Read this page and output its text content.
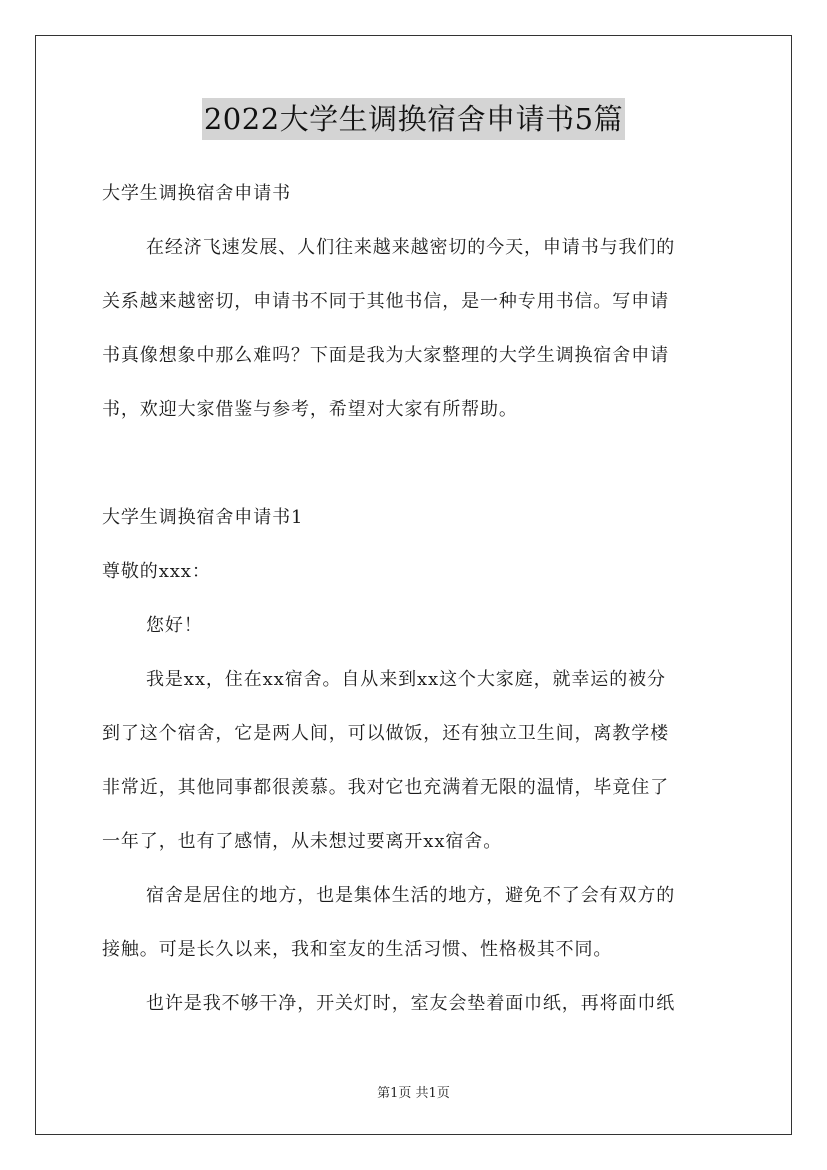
2022大学生调换宿舍申请书5篇
大学生调换宿舍申请书
在经济飞速发展、人们往来越来越密切的今天，申请书与我们的
关系越来越密切，申请书不同于其他书信，是一种专用书信。写申请
书真像想象中那么难吗？下面是我为大家整理的大学生调换宿舍申请
书，欢迎大家借鉴与参考，希望对大家有所帮助。
大学生调换宿舍申请书1
尊敬的xxx：
您好！
我是xx，住在xx宿舍。自从来到xx这个大家庭，就幸运的被分
到了这个宿舍，它是两人间，可以做饭，还有独立卫生间，离教学楼
非常近，其他同事都很羡慕。我对它也充满着无限的温情，毕竟住了
一年了，也有了感情，从未想过要离开xx宿舍。
宿舍是居住的地方，也是集体生活的地方，避免不了会有双方的
接触。可是长久以来，我和室友的生活习惯、性格极其不同。
也许是我不够干净，开关灯时，室友会垫着面巾纸，再将面巾纸
第1页 共1页
